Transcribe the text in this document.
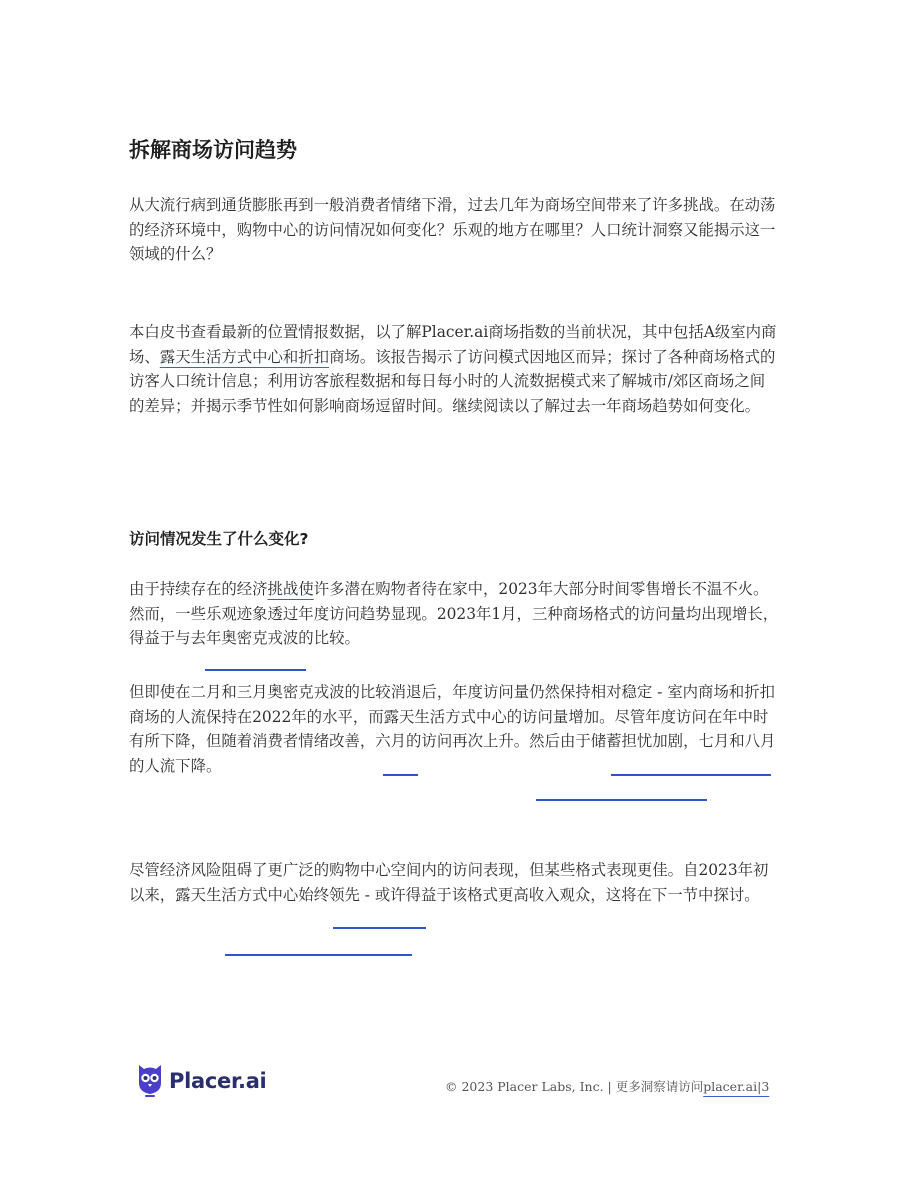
拆解商场访问趋势
从大流行病到通货膨胀再到一般消费者情绪下滑，过去几年为商场空间带来了许多挑战。在动荡的经济环境中，购物中心的访问情况如何变化？乐观的地方在哪里？人口统计洞察又能揭示这一领域的什么？
本白皮书查看最新的位置情报数据，以了解Placer.ai商场指数的当前状况，其中包括A级室内商场、露天生活方式中心和折扣商场。该报告揭示了访问模式因地区而异；探讨了各种商场格式的访客人口统计信息；利用访客旅程数据和每日每小时的人流数据模式来了解城市/郊区商场之间的差异；并揭示季节性如何影响商场逗留时间。继续阅读以了解过去一年商场趋势如何变化。
访问情况发生了什么变化?
由于持续存在的经济挑战使许多潜在购物者待在家中，2023年大部分时间零售增长不温不火。然而，一些乐观迹象透过年度访问趋势显现。2023年1月，三种商场格式的访问量均出现增长，得益于与去年奥密克戎波的比较。
但即使在二月和三月奥密克戎波的比较消退后，年度访问量仍然保持相对稳定 - 室内商场和折扣商场的人流保持在2022年的水平，而露天生活方式中心的访问量增加。尽管年度访问在年中时有所下降，但随着消费者情绪改善，六月的访问再次上升。然后由于储蓄担忧加剧，七月和八月的人流下降。
尽管经济风险阻碍了更广泛的购物中心空间内的访问表现，但某些格式表现更佳。自2023年初以来，露天生活方式中心始终领先 - 或许得益于该格式更高收入观众，这将在下一节中探讨。
Placer.ai	© 2023 Placer Labs, Inc. | 更多洞察请访问placer.ai|3
